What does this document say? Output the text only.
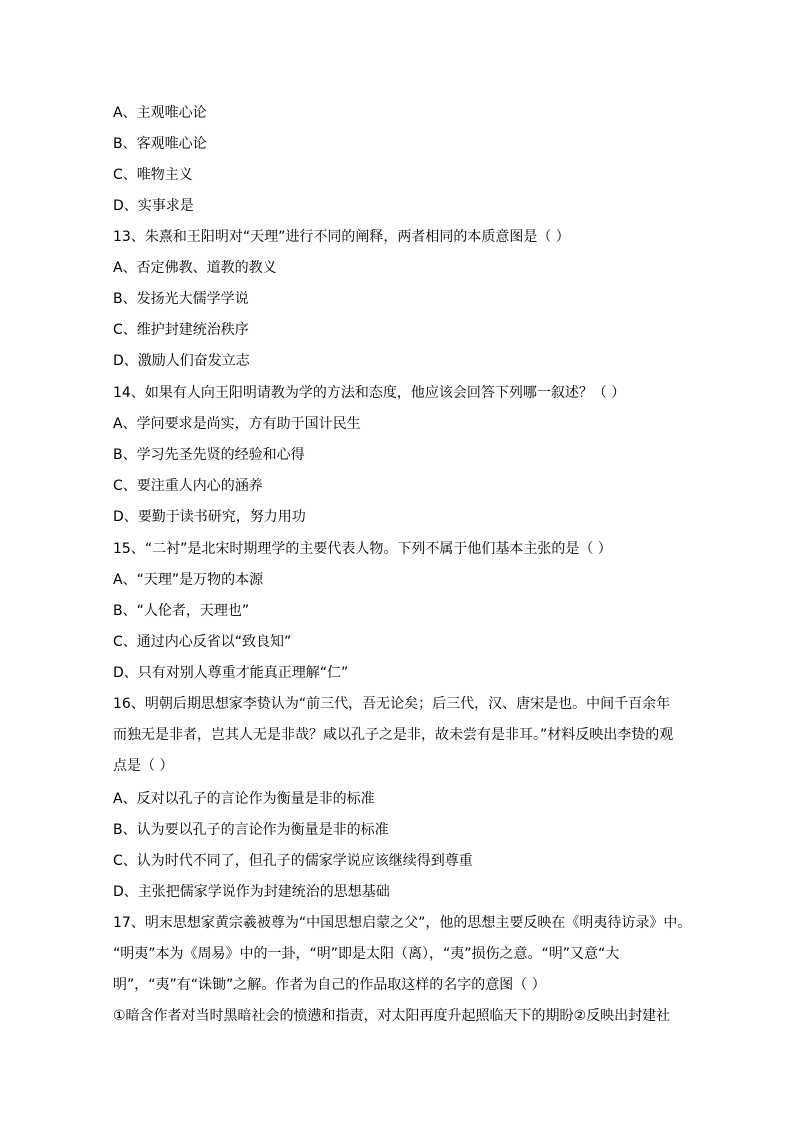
A、主观唯心论
B、客观唯心论
C、唯物主义
D、实事求是
13、朱熹和王阳明对“天理”进行不同的阐释，两者相同的本质意图是（ ）
A、否定佛教、道教的教义
B、发扬光大儒学学说
C、维护封建统治秩序
D、激励人们奋发立志
14、如果有人向王阳明请教为学的方法和态度，他应该会回答下列哪一叙述？（ ）
A、学问要求是尚实，方有助于国计民生
B、学习先圣先贤的经验和心得
C、要注重人内心的涵养
D、要勤于读书研究，努力用功
15、“二衬”是北宋时期理学的主要代表人物。下列不属于他们基本主张的是（ ）
A、“天理”是万物的本源
B、“人伦者，天理也”
C、通过内心反省以“致良知”
D、只有对别人尊重才能真正理解“仁”
16、明朝后期思想家李贽认为“前三代，吾无论矣；后三代，汉、唐宋是也。中间千百余年
而独无是非者，岂其人无是非哉？咸以孔子之是非，故未尝有是非耳。”材料反映出李贽的观
点是（ ）
A、反对以孔子的言论作为衡量是非的标准
B、认为要以孔子的言论作为衡量是非的标准
C、认为时代不同了，但孔子的儒家学说应该继续得到尊重
D、主张把儒家学说作为封建统治的思想基础
17、明末思想家黄宗羲被尊为“中国思想启蒙之父”，他的思想主要反映在《明夷待访录》中。
“明夷”本为《周易》中的一卦，“明”即是太阳（离），“夷”损伤之意。“明”又意“大
明”，“夷”有“诛锄”之解。作者为自己的作品取这样的名字的意图（ ）
①暗含作者对当时黑暗社会的愤懑和指责，对太阳再度升起照临天下的期盼②反映出封建社
